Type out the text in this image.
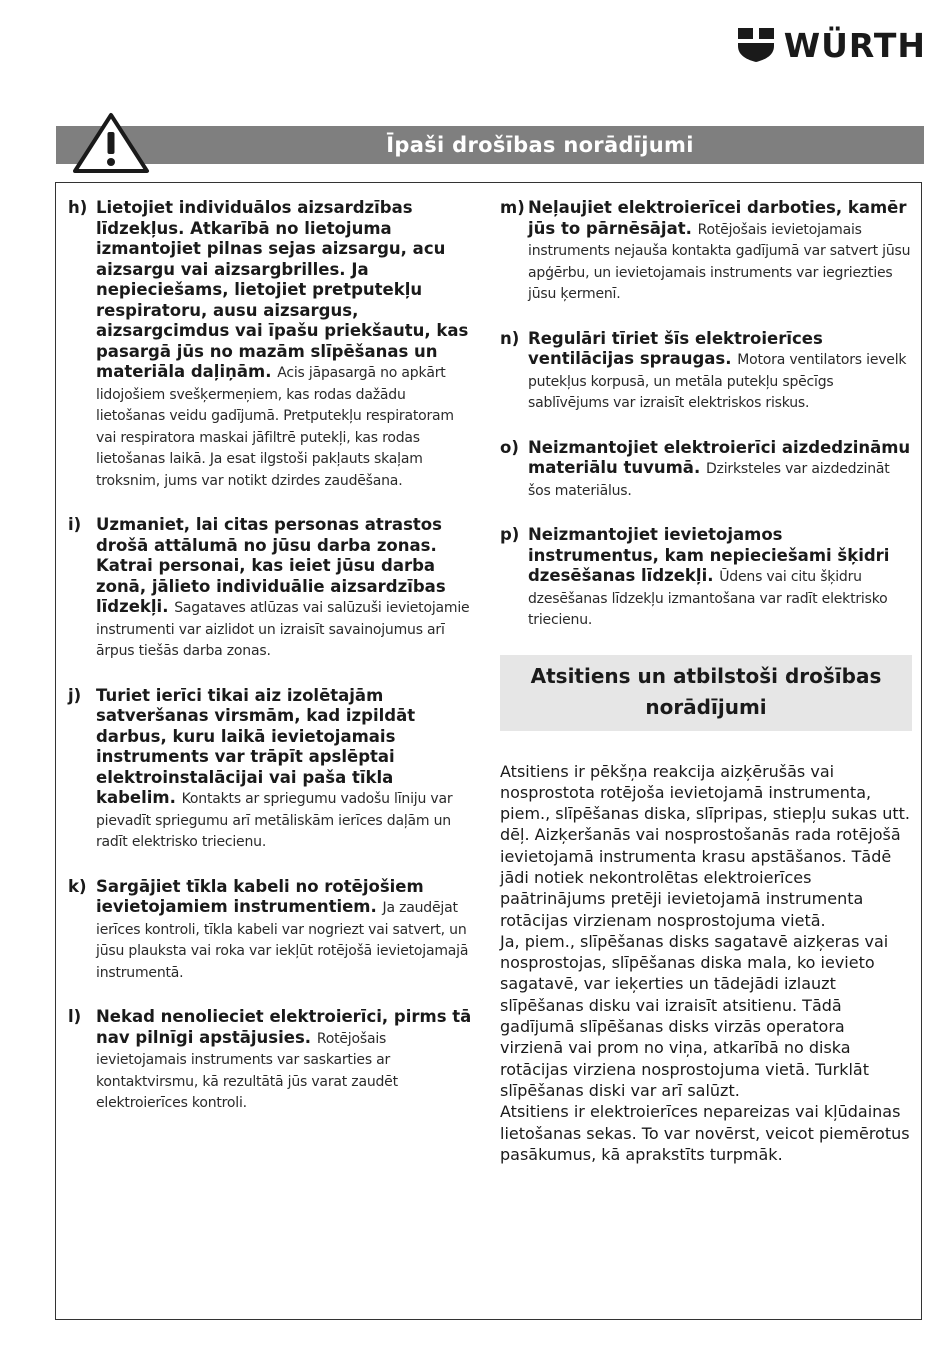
WÜRTH
Īpaši drošības norādījumi
h) Lietojiet individuālos aizsardzības līdzekļus. Atkarībā no lietojuma izmantojiet pilnas sejas aizsargu, acu aizsargu vai aizsargbrilles. Ja nepieciešams, lietojiet pretputekļu respiratoru, ausu aizsargus, aizsargcimdus vai īpašu priekšautu, kas pasargā jūs no mazām slīpēšanas un materiāla daļiņām. Acis jāpasargā no apkārt lidojošiem svešķermeņiem, kas rodas dažādu lietošanas veidu gadījumā. Pretputekļu respiratoram vai respiratora maskai jāfiltrē putekļi, kas rodas lietošanas laikā. Ja esat ilgstoši pakļauts skaļam troksnim, jums var notikt dzirdes zaudēšana.
i) Uzmaniet, lai citas personas atrastos drošā attālumā no jūsu darba zonas. Katrai personai, kas ieiet jūsu darba zonā, jālieto individuālie aizsardzības līdzekļi. Sagataves atlūzas vai salūzuši ievietojamie instrumenti var aizlidot un izraisīt savainojumus arī ārpus tiešās darba zonas.
j) Turiet ierīci tikai aiz izolētajām satveršanas virsmām, kad izpildāt darbus, kuru laikā ievietojamais instruments var trāpīt apslēptai elektroinstalācijai vai paša tīkla kabelim. Kontakts ar spriegumu vadošu līniju var pievadīt spriegumu arī metāliskām ierīces daļām un radīt elektrisko triecienu.
k) Sargājiet tīkla kabeli no rotējošiem ievietojamiem instrumentiem. Ja zaudējat ierīces kontroli, tīkla kabeli var nogriezt vai satvert, un jūsu plaukstа vai roka var iekļūt rotējošā ievietojamajā instrumentā.
l) Nekad nenolieciet elektroierīci, pirms tā nav pilnīgi apstājusies. Rotējošais ievietojamais instruments var saskarties ar kontaktvirsmu, kā rezultātā jūs varat zaudēt elektroierīces kontroli.
m) Neļaujiet elektroierīcei darboties, kamēr jūs to pārnēsājat. Rotējošais ievietojamais instruments nejauša kontakta gadījumā var satvert jūsu apģērbu, un ievietojamais instruments var iegriezties jūsu ķermenī.
n) Regulāri tīriet šīs elektroierīces ventilācijas spraugas. Motora ventilators ievelk putekļus korpusā, un metāla putekļu spēcīgs sablīvējums var izraisīt elektriskos riskus.
o) Neizmantojiet elektroierīci aizdedzināmu materiālu tuvumā. Dzirksteles var aizdedzināt šos materiālus.
p) Neizmantojiet ievietojamos instrumentus, kam nepieciešami šķidri dzesēšanas līdzekļi. Ūdens vai citu šķidru dzesēšanas līdzekļu izmantošana var radīt elektrisko triecienu.
Atsitiens un atbilstoši drošības norādījumi

Atsitiens ir pēkšņa reakcija aizķērušās vai nosprostota rotējoša ievietojamā instrumenta, piem., slīpēšanas diska, slīpripas, stiepļu sukas utt. dēļ. Aizķeršanās vai nosprostošanās rada rotējošā ievietojamā instrumenta krasu apstāšanos. Tādē jādi notiek nekontrolētas elektroierīces paātrinājums pretēji ievietojamā instrumenta rotācijas virzienam nosprostojuma vietā.

Ja, piem., slīpēšanas disks sagatavē aizķeras vai nosprostojas, slīpēšanas diska mala, ko ievieto sagatavē, var ieķerties un tādejādi izlauzt slīpēšanas disku vai izraisīt atsitienu. Tādā gadījumā slīpēšanas disks virzās operatora virzienā vai prom no viņa, atkarībā no diska rotācijas virziena nosprostojuma vietā. Turklāt slīpēšanas diski var arī salūzt.

Atsitiens ir elektroierīces nepareizas vai kļūdainas lietošanas sekas. To var novērst, veicot piemērotus pasākumus, kā aprakstīts turpmāk.
